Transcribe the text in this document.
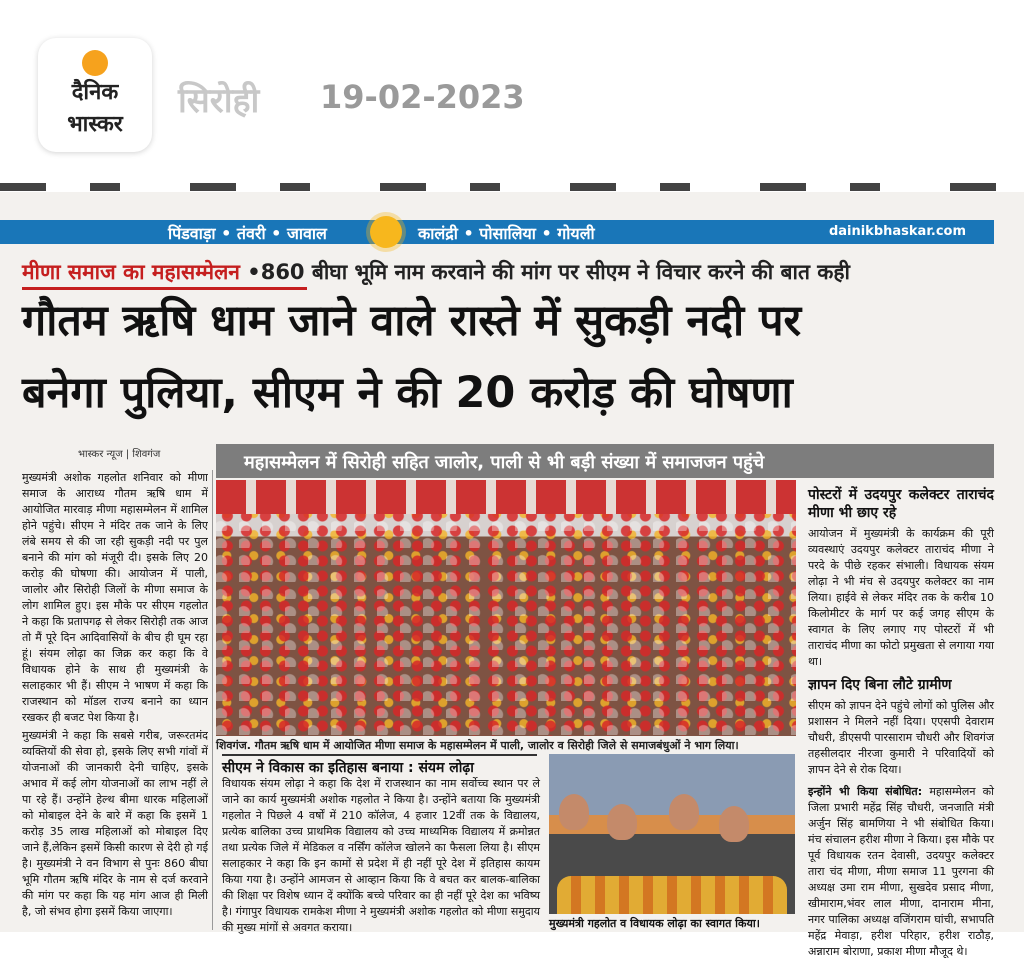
दैनिक
भास्कर
सिरोही 19-02-2023
पिंडवाड़ा • तंवरी • जावाल	कालंद्री • पोसालिया • गोयली	dainikbhaskar.com
मीणा समाज का महासम्मेलन •860 बीघा भूमि नाम करवाने की मांग पर सीएम ने विचार करने की बात कही
गौतम ऋषि धाम जाने वाले रास्ते में सुकड़ी नदी पर
बनेगा पुलिया, सीएम ने की 20 करोड़ की घोषणा
भास्कर न्यूज | शिवगंज

मुख्यमंत्री अशोक गहलोत शनिवार को मीणा समाज के आराध्य गौतम ऋषि धाम में आयोजित मारवाड़ मीणा महासम्मेलन में शामिल होने पहुंचे। सीएम ने मंदिर तक जाने के लिए लंबे समय से की जा रही सुकड़ी नदी पर पुल बनाने की मांग को मंजूरी दी। इसके लिए 20 करोड़ की घोषणा की। आयोजन में पाली, जालोर और सिरोही जिलों के मीणा समाज के लोग शामिल हुए। इस मौके पर सीएम गहलोत ने कहा कि प्रतापगढ़ से लेकर सिरोही तक आज तो मैं पूरे दिन आदिवासियों के बीच ही घूम रहा हूं। संयम लोढ़ा का जिक्र कर कहा कि वे विधायक होने के साथ ही मुख्यमंत्री के सलाहकार भी हैं। सीएम ने भाषण में कहा कि राजस्थान को मॉडल राज्य बनाने का ध्यान रखकर ही बजट पेश किया है।

मुख्यमंत्री ने कहा कि सबसे गरीब, जरूरतमंद व्यक्तियों की सेवा हो, इसके लिए सभी गांवों में योजनाओं की जानकारी देनी चाहिए, इसके अभाव में कई लोग योजनाओं का लाभ नहीं ले पा रहे हैं। उन्होंने हेल्थ बीमा धारक महिलाओं को मोबाइल देने के बारे में कहा कि इसमें 1 करोड़ 35 लाख महिलाओं को मोबाइल दिए जाने हैं,लेकिन इसमें किसी कारण से देरी हो गई है। मुख्यमंत्री ने वन विभाग से पुनः 860 बीघा भूमि गौतम ऋषि मंदिर के नाम से दर्ज करवाने की मांग पर कहा कि यह मांग आज ही मिली है, जो संभव होगा इसमें किया जाएगा।

महासम्मेलन में सिरोही सहित जालोर, पाली से भी बड़ी संख्या में समाजजन पहुंचे
शिवगंज. गौतम ऋषि धाम में आयोजित मीणा समाज के महासम्मेलन में पाली, जालोर व सिरोही जिले से समाजबंधुओं ने भाग लिया।
पोस्टरों में उदयपुर कलेक्टर ताराचंद मीणा भी छाए रहे

आयोजन में मुख्यमंत्री के कार्यक्रम की पूरी व्यवस्थाएं उदयपुर कलेक्टर ताराचंद मीणा ने परदे के पीछे रहकर संभाली। विधायक संयम लोढ़ा ने भी मंच से उदयपुर कलेक्टर का नाम लिया। हाईवे से लेकर मंदिर तक के करीब 10 किलोमीटर के मार्ग पर कई जगह सीएम के स्वागत के लिए लगाए गए पोस्टरों में भी ताराचंद मीणा का फोटो प्रमुखता से लगाया गया था।

ज्ञापन दिए बिना लौटे ग्रामीण

सीएम को ज्ञापन देने पहुंचे लोगों को पुलिस और प्रशासन ने मिलने नहीं दिया। एएसपी देवाराम चौधरी, डीएसपी पारसाराम चौधरी और शिवगंज तहसीलदार नीरजा कुमारी ने परिवादियों को ज्ञापन देने से रोक दिया।

इन्होंने भी किया संबोधित: महासम्मेलन को जिला प्रभारी महेंद्र सिंह चौधरी, जनजाति मंत्री अर्जुन सिंह बामणिया ने भी संबोधित किया। मंच संचालन हरीश मीणा ने किया। इस मौके पर पूर्व विधायक रतन देवासी, उदयपुर कलेक्टर तारा चंद मीणा, मीणा समाज 11 पुरगना की अध्यक्ष उमा राम मीणा, सुखदेव प्रसाद मीणा, खीमाराम,भंवर लाल मीणा, दानाराम मीना, नगर पालिका अध्यक्ष वजिंगराम घांची, सभापति महेंद्र मेवाड़ा, हरीश परिहार, हरीश राठौड़, अन्नाराम बोराणा, प्रकाश मीणा मौजूद थे।

सीएम ने विकास का इतिहास बनाया : संयम लोढ़ा
विधायक संयम लोढ़ा ने कहा कि देश में राजस्थान का नाम सर्वोच्च स्थान पर ले जाने का कार्य मुख्यमंत्री अशोक गहलोत ने किया है। उन्होंने बताया कि मुख्यमंत्री गहलोत ने पिछले 4 वर्षों में 210 कॉलेज, 4 हजार 12वीं तक के विद्यालय, प्रत्येक बालिका उच्च प्राथमिक विद्यालय को उच्च माध्यमिक विद्यालय में क्रमोन्नत तथा प्रत्येक जिले में मेडिकल व नर्सिंग कॉलेज खोलने का फैसला लिया है। सीएम सलाहकार ने कहा कि इन कामों से प्रदेश में ही नहीं पूरे देश में इतिहास कायम किया गया है। उन्होंने आमजन से आव्हान किया कि वे बचत कर बालक-बालिका की शिक्षा पर विशेष ध्यान दें क्योंकि बच्चे परिवार का ही नहीं पूरे देश का भविष्य है। गंगापुर विधायक रामकेश मीणा ने मुख्यमंत्री अशोक गहलोत को मीणा समुदाय की मुख्य मांगों से अवगत कराया।	मुख्यमंत्री गहलोत व विधायक लोढ़ा का स्वागत किया।
